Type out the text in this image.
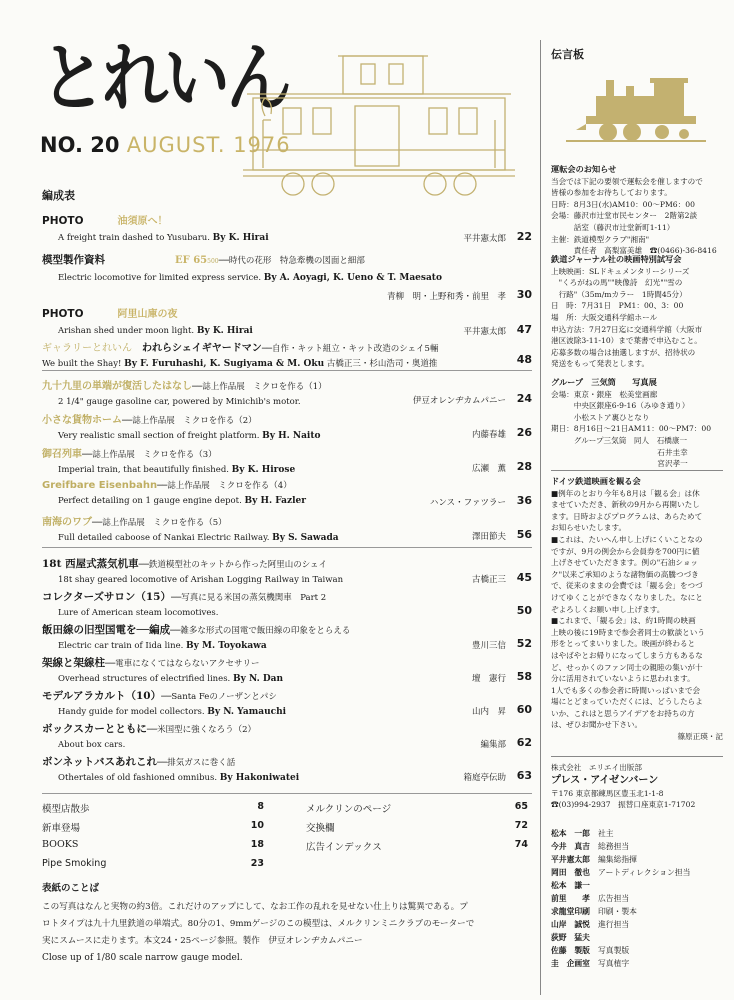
とれいん
NO. 20 AUGUST. 1976
編成表
PHOTO	油須原へ！
A freight train dashed to Yusubaru. By K. Hirai	平井憲太郎 22
模型製作資料	EF 65500──時代の花形　特急牽機の図面と細部
Electric locomotive for limited express service. By A. Aoyagi, K. Ueno & T. Maesato
青柳　明・上野和秀・前里　孝 30
PHOTO	阿里山庫の夜
Arishan shed under moon light. By K. Hirai	平井憲太郎 47
ギャラリーとれいん われらシェイギヤードマン──自作・キット組立・キット改造のシェイ5輛
We built the Shay! By F. Furuhashi, K. Sugiyama & M. Oku 古橋正三・杉山浩司・奥道推	48
九十九里の単端が復活したはなし──誌上作品展　ミクロを作る（1）
2 1/4" gauge gasoline car, powered by Minichib's motor.	伊豆オレンヂカムパニー 24
小さな貨物ホーム──誌上作品展　ミクロを作る（2）
Very realistic small section of freight platform. By H. Naito	内藤春雄 26
御召列車──誌上作品展　ミクロを作る（3）
Imperial train, that beautifully finished. By K. Hirose	広瀬　薫 28
Greifbare Eisenbahn──誌上作品展　ミクロを作る（4）
Perfect detailing on 1 gauge engine depot. By H. Fazler	ハンス・ファツラー 36
南海のワブ──誌上作品展　ミクロを作る（5）
Full detailed caboose of Nankai Electric Railway. By S. Sawada	澤田節夫 56
18t 西屋式蒸気机車──鉄道模型社のキットから作った阿里山のシェイ
18t shay geared locomotive of Arishan Logging Railway in Taiwan	古橋正三 45
コレクターズサロン（15）──写真に見る米国の蒸気機関車　Part 2
Lure of American steam locomotives.	50
飯田線の旧型国電を──編成──雑多な形式の国電で飯田線の印象をとらえる
Electric car train of Iida line. By M. Toyokawa	豊川三信 52
架線と架線柱──電車になくてはならないアクセサリー
Overhead structures of electrified lines. By N. Dan	壇　憲行 58
モデルアラカルト（10）──Santa Feのノーザンとパシ
Handy guide for model collectors. By N. Yamauchi	山内　昇 60
ボックスカーとともに──米国型に強くなろう（2）
About box cars.	編集部 62
ボンネットバスあれこれ──排気ガスに巻く話
Othertales of old fashioned omnibus. By Hakoniwatei	箱庭亭伝助 63
模型店散歩	8
新車登場	10
BOOKS	18
Pipe Smoking	23
メルクリンのページ	65
交換欄	72
広告インデックス	74
表紙のことば
この写真はなんと実物の約3倍。これだけのアップにして、なお工作の乱れを見せない仕上りは驚異である。プ
ロトタイプは九十九里鉄道の単端式。80分の1、9mmゲージのこの模型は、メルクリンミニクラブのモーターで
実にスムースに走ります。本文24・25ページ参照。製作　伊豆オレンヂカムパニー
Close up of 1/80 scale narrow gauge model.
伝言板
運転会のお知らせ
当会では下記の要領で運転会を催しますので
皆様の参加をお待ちしております。
日時：8月3日(水)AM10：00〜PM6：00
会場：藤沢市辻堂市民センター　2階第2談
　　　話室（藤沢市辻堂新町1-11）
主催：鉄道模型クラブ"湘南"
　　　責任者　高梨富美雄　☎(0466)-36-8416
鉄道ジャーナル社の映画特別試写会
上映映画：SLドキュメンタリーシリーズ
　"くろがねの馬""映像詩　幻光""雪の
　行路"（35m/mカラー　1時間45分）
日　時：7月31日　PM1：00、3：00
場　所：大阪交通科学館ホール
申込方法：7月27日迄に交通科学館（大阪市
港区波除3-11-10）まで葉書で申込むこと。
応募多数の場合は抽選しますが、招待状の
発送をもって発表とします。
グループ　三気筒　　写真展
会場：東京・銀座　松美堂画廊
　　　中央区銀座6-9-16（みゆき通り）
　　　小松ストア裏ひとなり
期日：8月16日〜21日AM11：00〜PM7：00
　　　グループ三気筒　同人　石橋康一
　　　　　　　　　　　　　　石井圭幸
　　　　　　　　　　　　　　宮沢孝一
ドイツ鉄道映画を観る会
■例年のとおり今年も8月は「観る会」は休
ませていただき、新秋の9月から再開いたし
ます。日時およびプログラムは、あらためて
お知らせいたします。
■これは、たいへん申し上げにくいことなの
ですが、9月の例会から会員券を700円に値
上げさせていただきます。例の"石油ショッ
ク"以来ご承知のような諸物価の高騰つづき
で、従来のままの会費では「観る会」をつづ
けてゆくことができなくなりました。なにと
ぞよろしくお願い申し上げます。
■これまで、「観る会」は、約1時間の映画
上映の後に19時まで参会者同士の歓談という
形をとってまいりました。映画が終わると
はやばやとお帰りになってしまう方もあるな
ど、せっかくのファン同士の親睦の集いが十
分に活用されていないように思われます。
1人でも多くの参会者に時間いっぱいまで会
場にとどまっていただくには、どうしたらよ
いか、これはと思うアイデアをお持ちの方
は、ぜひお聞かせ下さい。
篠原正瑛・記
株式会社　エリエイ出版部
プレス・アイゼンバーン
〒176 東京都練馬区豊玉北1-1-8
☎(03)994-2937　振替口座東京1-71702
松本　一郎 社主
今井　真吉 総務担当
平井憲太郎 編集総指揮
岡田　徹也 アートディレクション担当
松本　謙一
前里　　孝 広告担当
求龍堂印刷 印刷・製本
山岸　誠悦 進行担当
荻野　猛夫
佐藤　製版 写真製版
圭　企画室 写真植字
